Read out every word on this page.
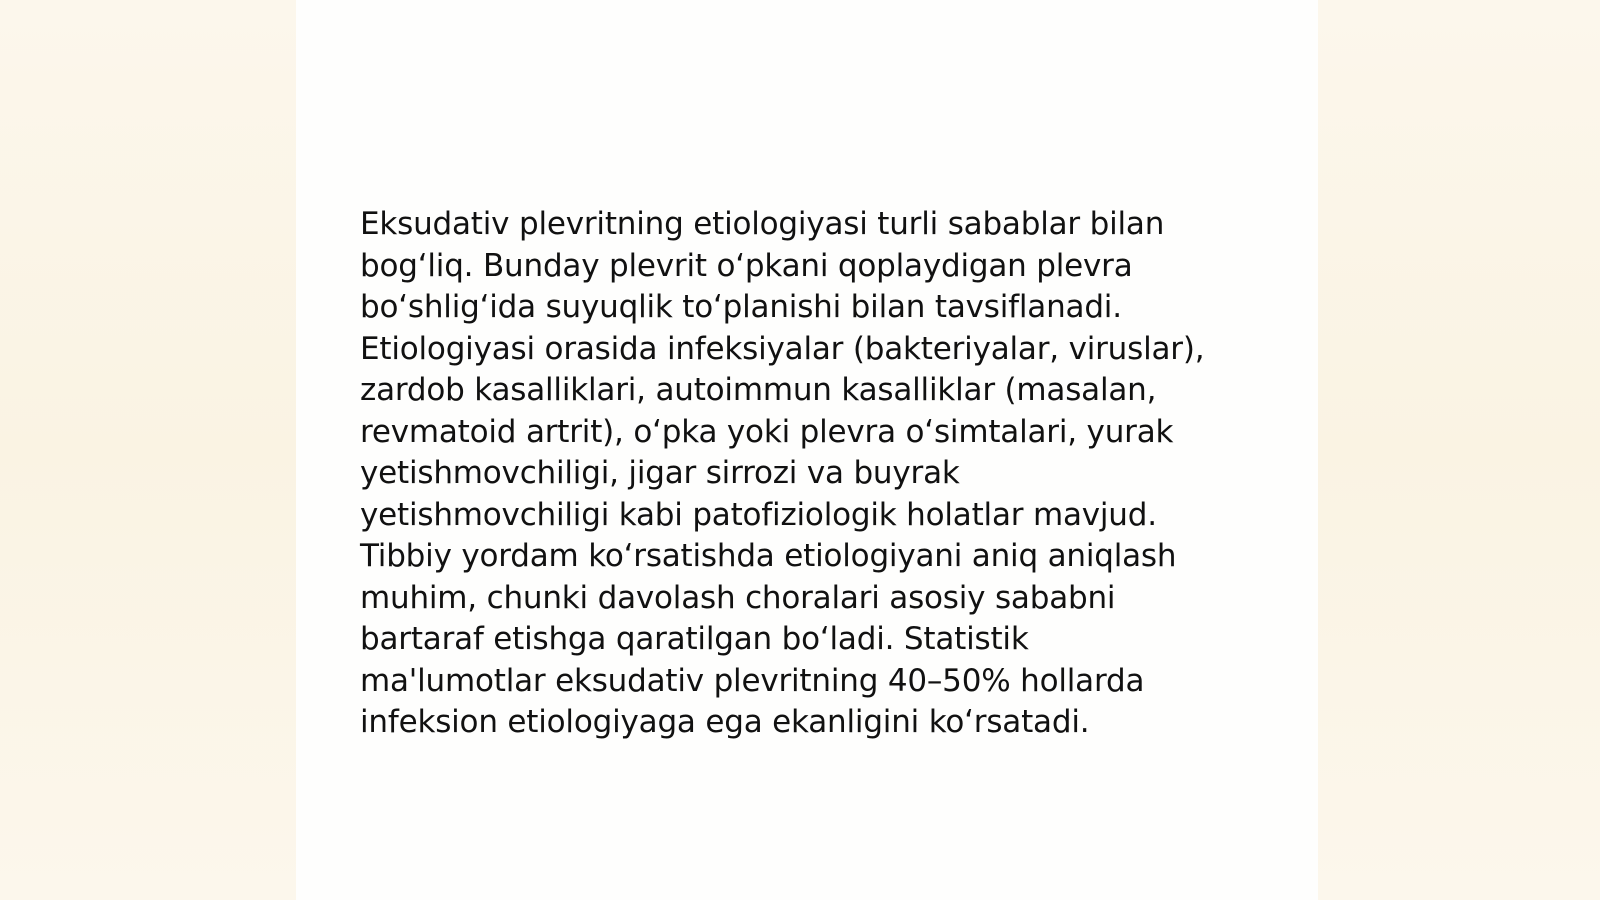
Eksudativ plevritning etiologiyasi turli sabablar bilan
bog‘liq. Bunday plevrit o‘pkani qoplaydigan plevra
bo‘shlig‘ida suyuqlik to‘planishi bilan tavsiflanadi.
Etiologiyasi orasida infeksiyalar (bakteriyalar, viruslar),
zardob kasalliklari, autoimmun kasalliklar (masalan,
revmatoid artrit), o‘pka yoki plevra o‘simtalari, yurak
yetishmovchiligi, jigar sirrozi va buyrak
yetishmovchiligi kabi patofiziologik holatlar mavjud.
Tibbiy yordam ko‘rsatishda etiologiyani aniq aniqlash
muhim, chunki davolash choralari asosiy sababni
bartaraf etishga qaratilgan bo‘ladi. Statistik
ma'lumotlar eksudativ plevritning 40–50% hollarda
infeksion etiologiyaga ega ekanligini ko‘rsatadi.
